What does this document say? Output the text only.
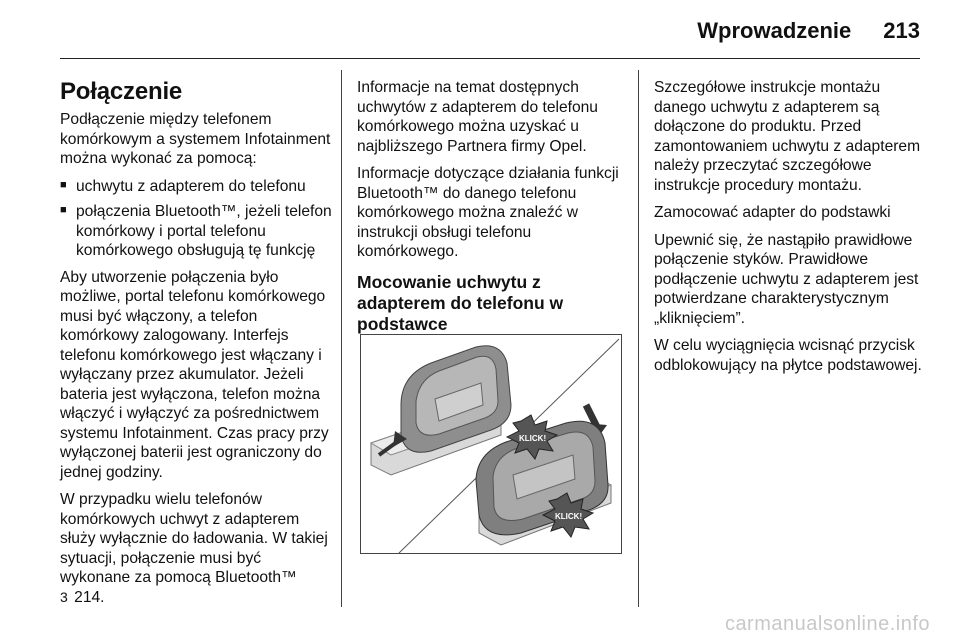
Wprowadzenie 213
Połączenie

Podłączenie między telefonem komórkowym a systemem Infotainment można wykonać za pomocą:

■ uchwytu z adapterem do telefonu
■ połączenia Bluetooth™, jeżeli telefon komórkowy i portal telefonu komórkowego obsługują tę funkcję

Aby utworzenie połączenia było możliwe, portal telefonu komórkowego musi być włączony, a telefon komórkowy zalogowany. Interfejs telefonu komórkowego jest włączany i wyłączany przez akumulator. Jeżeli bateria jest wyłączona, telefon można włączyć i wyłączyć za pośrednictwem systemu Infotainment. Czas pracy przy wyłączonej baterii jest ograniczony do jednej godziny.

W przypadku wielu telefonów komórkowych uchwyt z adapterem służy wyłącznie do ładowania. W takiej sytuacji, połączenie musi być wykonane za pomocą Bluetooth™
3 214.

Informacje na temat dostępnych uchwytów z adapterem do telefonu komórkowego można uzyskać u najbliższego Partnera firmy Opel.

Informacje dotyczące działania funkcji Bluetooth™ do danego telefonu komórkowego można znaleźć w instrukcji obsługi telefonu komórkowego.

Mocowanie uchwytu z adapterem do telefonu w podstawce
KLICK!
KLICK!

Szczegółowe instrukcje montażu danego uchwytu z adapterem są dołączone do produktu. Przed zamontowaniem uchwytu z adapterem należy przeczytać szczegółowe instrukcje procedury montażu.

Zamocować adapter do podstawki

Upewnić się, że nastąpiło prawidłowe połączenie styków. Prawidłowe podłączenie uchwytu z adapterem jest potwierdzane charakterystycznym „kliknięciem”.

W celu wyciągnięcia wcisnąć przycisk odblokowujący na płytce podstawowej.

carmanualsonline.info
